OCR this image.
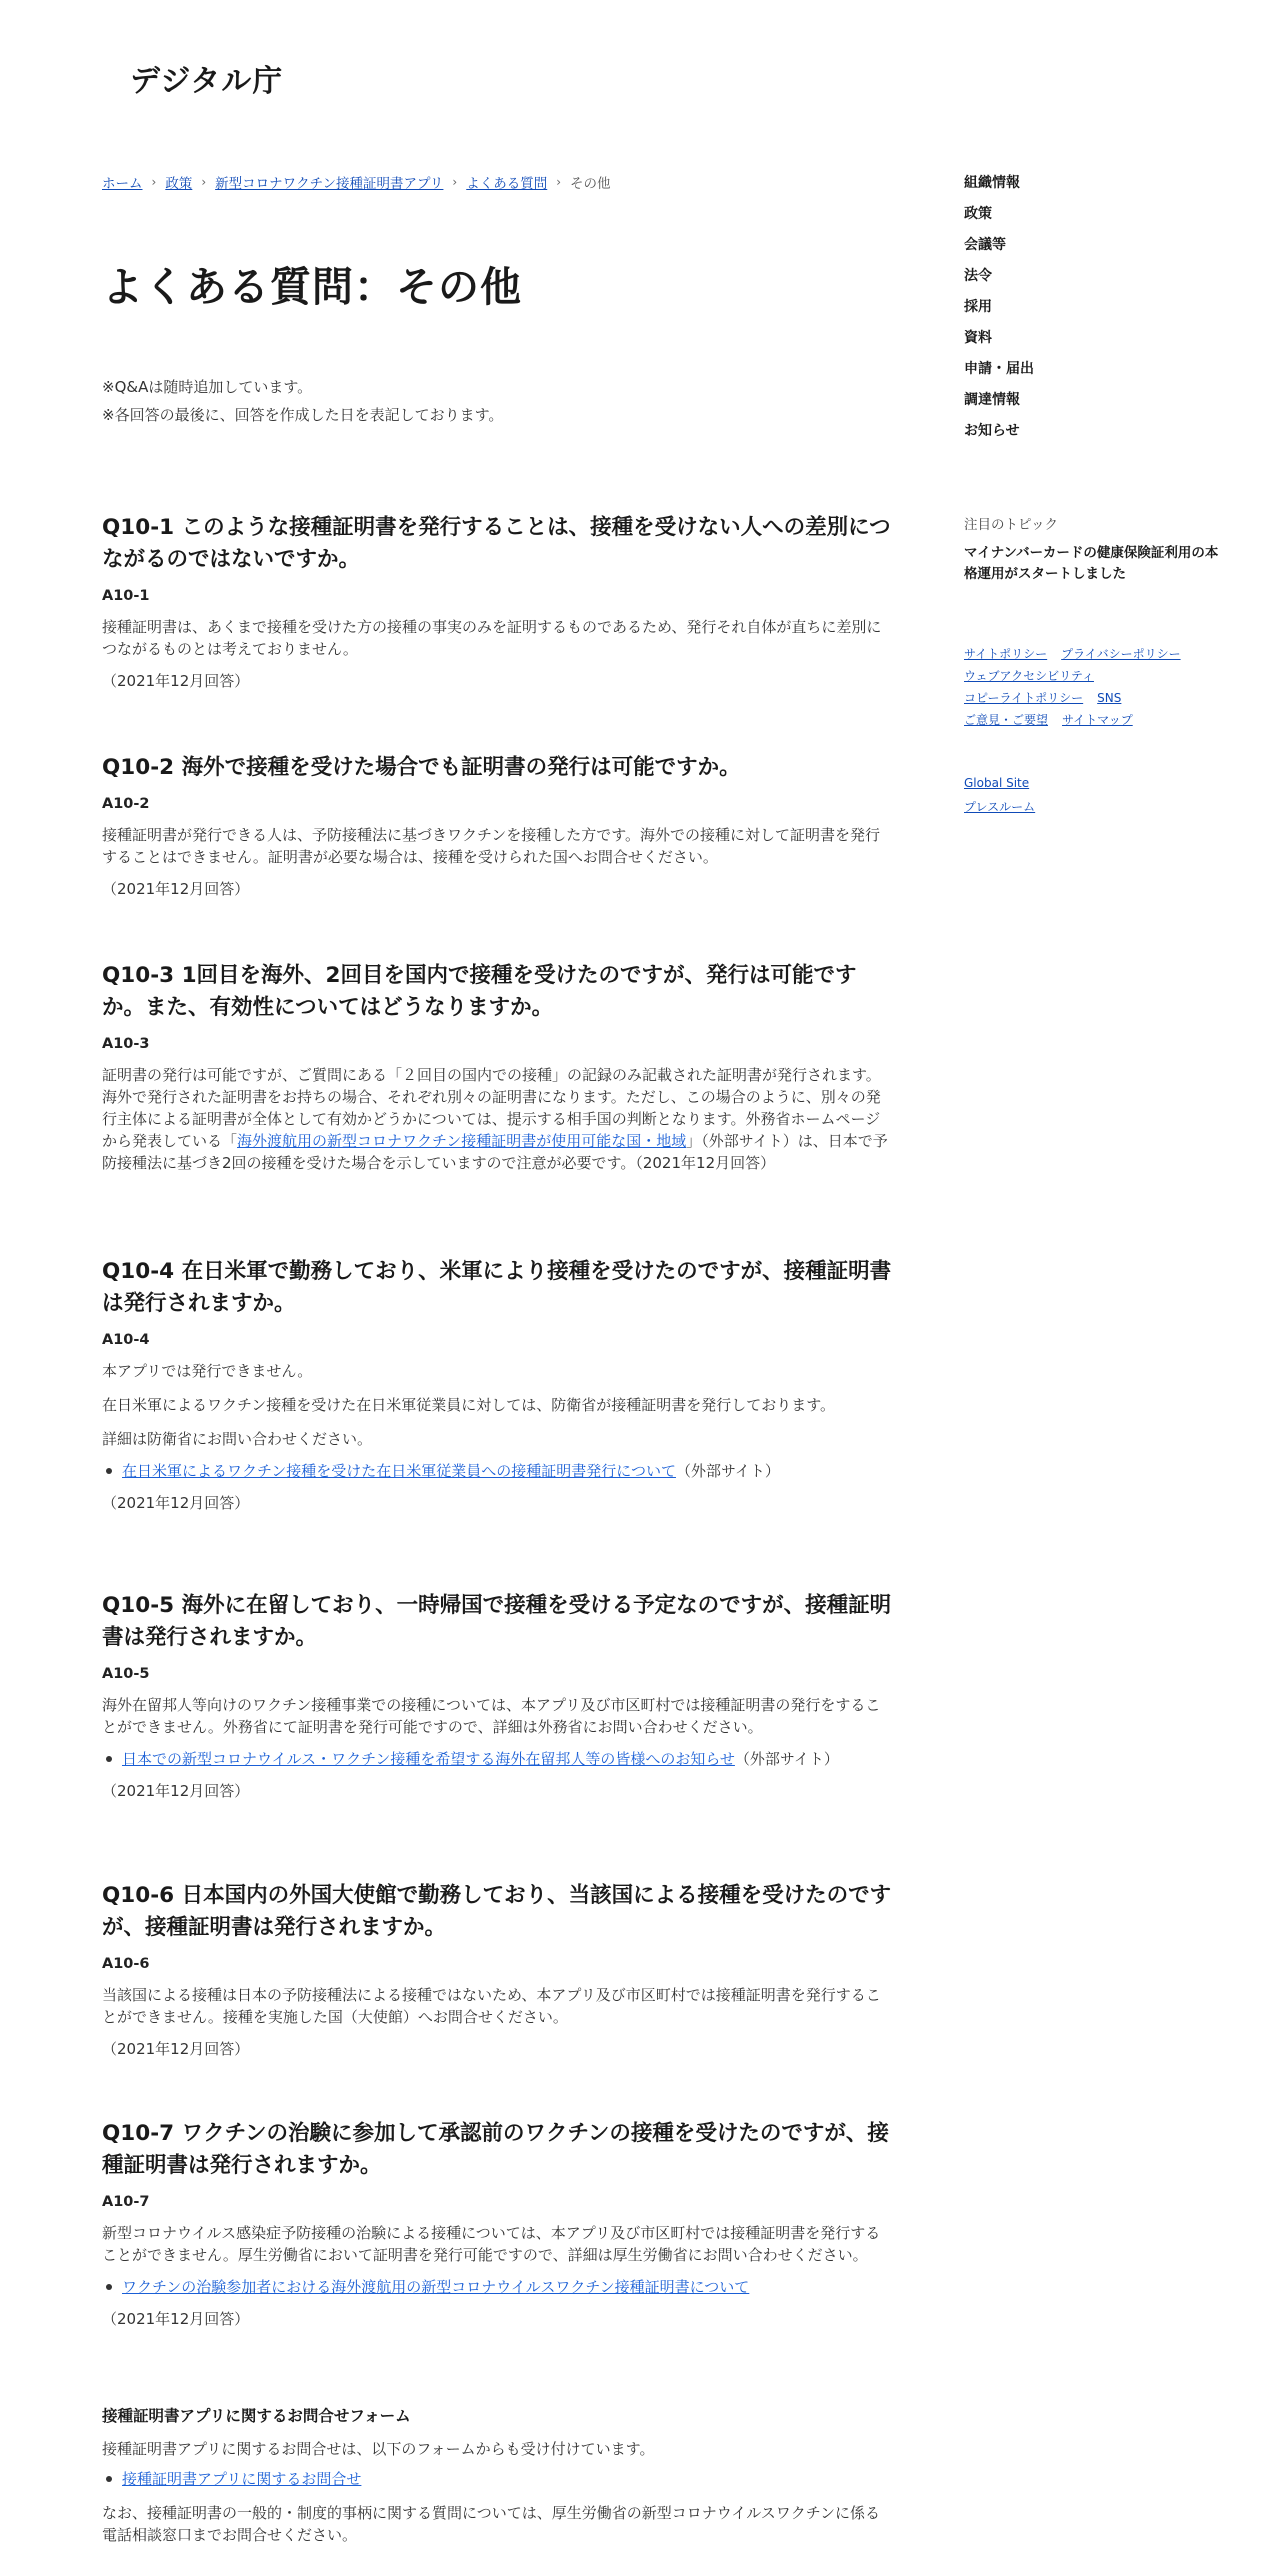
デジタル庁
ホーム › 政策 › 新型コロナワクチン接種証明書アプリ › よくある質問 › その他
よくある質問：その他
※Q&Aは随時追加しています。
※各回答の最後に、回答を作成した日を表記しております。
Q10-1 このような接種証明書を発行することは、接種を受けない人への差別につながるのではないですか。
A10-1

接種証明書は、あくまで接種を受けた方の接種の事実のみを証明するものであるため、発行それ自体が直ちに差別につながるものとは考えておりません。

（2021年12月回答）

Q10-2 海外で接種を受けた場合でも証明書の発行は可能ですか。
A10-2

接種証明書が発行できる人は、予防接種法に基づきワクチンを接種した方です。海外での接種に対して証明書を発行することはできません。証明書が必要な場合は、接種を受けられた国へお問合せください。

（2021年12月回答）

Q10-3 1回目を海外、2回目を国内で接種を受けたのですが、発行は可能ですか。また、有効性についてはどうなりますか。
A10-3

証明書の発行は可能ですが、ご質問にある「２回目の国内での接種」の記録のみ記載された証明書が発行されます。海外で発行された証明書をお持ちの場合、それぞれ別々の証明書になります。ただし、この場合のように、別々の発行主体による証明書が全体として有効かどうかについては、提示する相手国の判断となります。外務省ホームページから発表している「海外渡航用の新型コロナワクチン接種証明書が使用可能な国・地域」（外部サイト）は、日本で予防接種法に基づき2回の接種を受けた場合を示していますので注意が必要です。（2021年12月回答）

Q10-4 在日米軍で勤務しており、米軍により接種を受けたのですが、接種証明書は発行されますか。
A10-4

本アプリでは発行できません。

在日米軍によるワクチン接種を受けた在日米軍従業員に対しては、防衛省が接種証明書を発行しております。

詳細は防衛省にお問い合わせください。

在日米軍によるワクチン接種を受けた在日米軍従業員への接種証明書発行について（外部サイト）

（2021年12月回答）

Q10-5 海外に在留しており、一時帰国で接種を受ける予定なのですが、接種証明書は発行されますか。
A10-5

海外在留邦人等向けのワクチン接種事業での接種については、本アプリ及び市区町村では接種証明書の発行をすることができません。外務省にて証明書を発行可能ですので、詳細は外務省にお問い合わせください。

日本での新型コロナウイルス・ワクチン接種を希望する海外在留邦人等の皆様へのお知らせ（外部サイト）

（2021年12月回答）

Q10-6 日本国内の外国大使館で勤務しており、当該国による接種を受けたのですが、接種証明書は発行されますか。
A10-6

当該国による接種は日本の予防接種法による接種ではないため、本アプリ及び市区町村では接種証明書を発行することができません。接種を実施した国（大使館）へお問合せください。

（2021年12月回答）

Q10-7 ワクチンの治験に参加して承認前のワクチンの接種を受けたのですが、接種証明書は発行されますか。
A10-7

新型コロナウイルス感染症予防接種の治験による接種については、本アプリ及び市区町村では接種証明書を発行することができません。厚生労働省において証明書を発行可能ですので、詳細は厚生労働省にお問い合わせください。

ワクチンの治験参加者における海外渡航用の新型コロナウイルスワクチン接種証明書について

（2021年12月回答）

接種証明書アプリに関するお問合せフォーム

接種証明書アプリに関するお問合せは、以下のフォームからも受け付けています。

接種証明書アプリに関するお問合せ

なお、接種証明書の一般的・制度的事柄に関する質問については、厚生労働省の新型コロナウイルスワクチンに係る電話相談窓口までお問合せください。

組織情報
政策
会議等
法令
採用
資料
申請・届出
調達情報
お知らせ
注目のトピック
マイナンバーカードの健康保険証利用の本格運用がスタートしました
サイトポリシー プライバシーポリシー
ウェブアクセシビリティ
コピーライトポリシー SNS
ご意見・ご要望 サイトマップ
Global Site
プレスルーム
